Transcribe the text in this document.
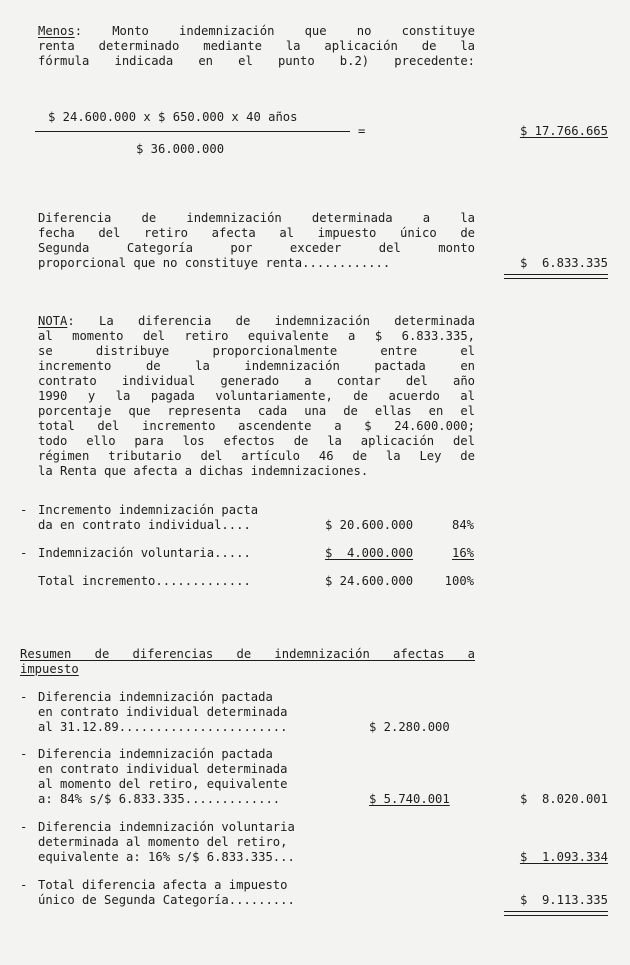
Menos: Monto indemnización que no constituye
renta determinado mediante la aplicación de la
fórmula indicada en el punto b.2) precedente:
$ 24.600.000 x $ 650.000 x 40 años
=
$ 36.000.000
$ 17.766.665
Diferencia de indemnización determinada a la
fecha del retiro afecta al impuesto único de
Segunda Categoría por exceder del monto
proporcional que no constituye renta............	$  6.833.335
NOTA: La diferencia de indemnización determinada
al momento del retiro equivalente a $ 6.833.335,
se distribuye proporcionalmente entre el
incremento de la indemnización pactada en
contrato individual generado a contar del año
1990 y la pagada voluntariamente, de acuerdo al
porcentaje que representa cada una de ellas en el
total del incremento ascendente a $ 24.600.000;
todo ello para los efectos de la aplicación del
régimen tributario del artículo 46 de la Ley de
la Renta que afecta a dichas indemnizaciones.
- Incremento indemnización pacta
da en contrato individual....	$ 20.600.000	84%
- Indemnización voluntaria.....	$  4.000.000	16%
Total incremento.............	$ 24.600.000	100%
Resumen de diferencias de indemnización afectas a
impuesto
- Diferencia indemnización pactada
en contrato individual determinada
al 31.12.89.......................	$ 2.280.000
- Diferencia indemnización pactada
en contrato individual determinada
al momento del retiro, equivalente
a: 84% s/$ 6.833.335.............	$ 5.740.001	$  8.020.001
- Diferencia indemnización voluntaria
determinada al momento del retiro,
equivalente a: 16% s/$ 6.833.335...	$  1.093.334
- Total diferencia afecta a impuesto
único de Segunda Categoría.........	$  9.113.335
